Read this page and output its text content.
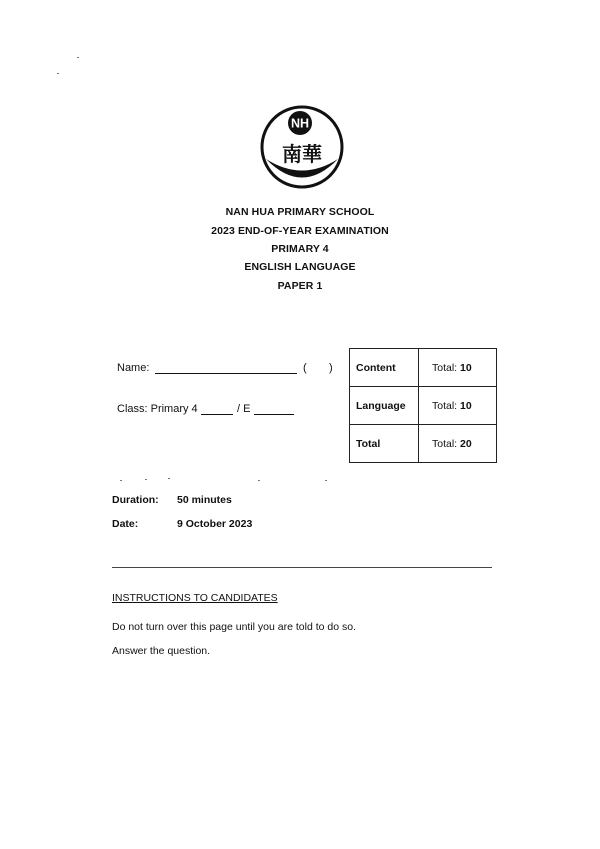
NH
南華
NAN HUA PRIMARY SCHOOL
2023 END-OF-YEAR EXAMINATION
PRIMARY 4
ENGLISH LANGUAGE
PAPER 1
Name:	( )
Class: Primary 4	/ E
Content	Total: 10
Language	Total: 10
Total	Total: 20
Duration: 50 minutes
Date:	9 October 2023
INSTRUCTIONS TO CANDIDATES
Do not turn over this page until you are told to do so.
Answer the question.
